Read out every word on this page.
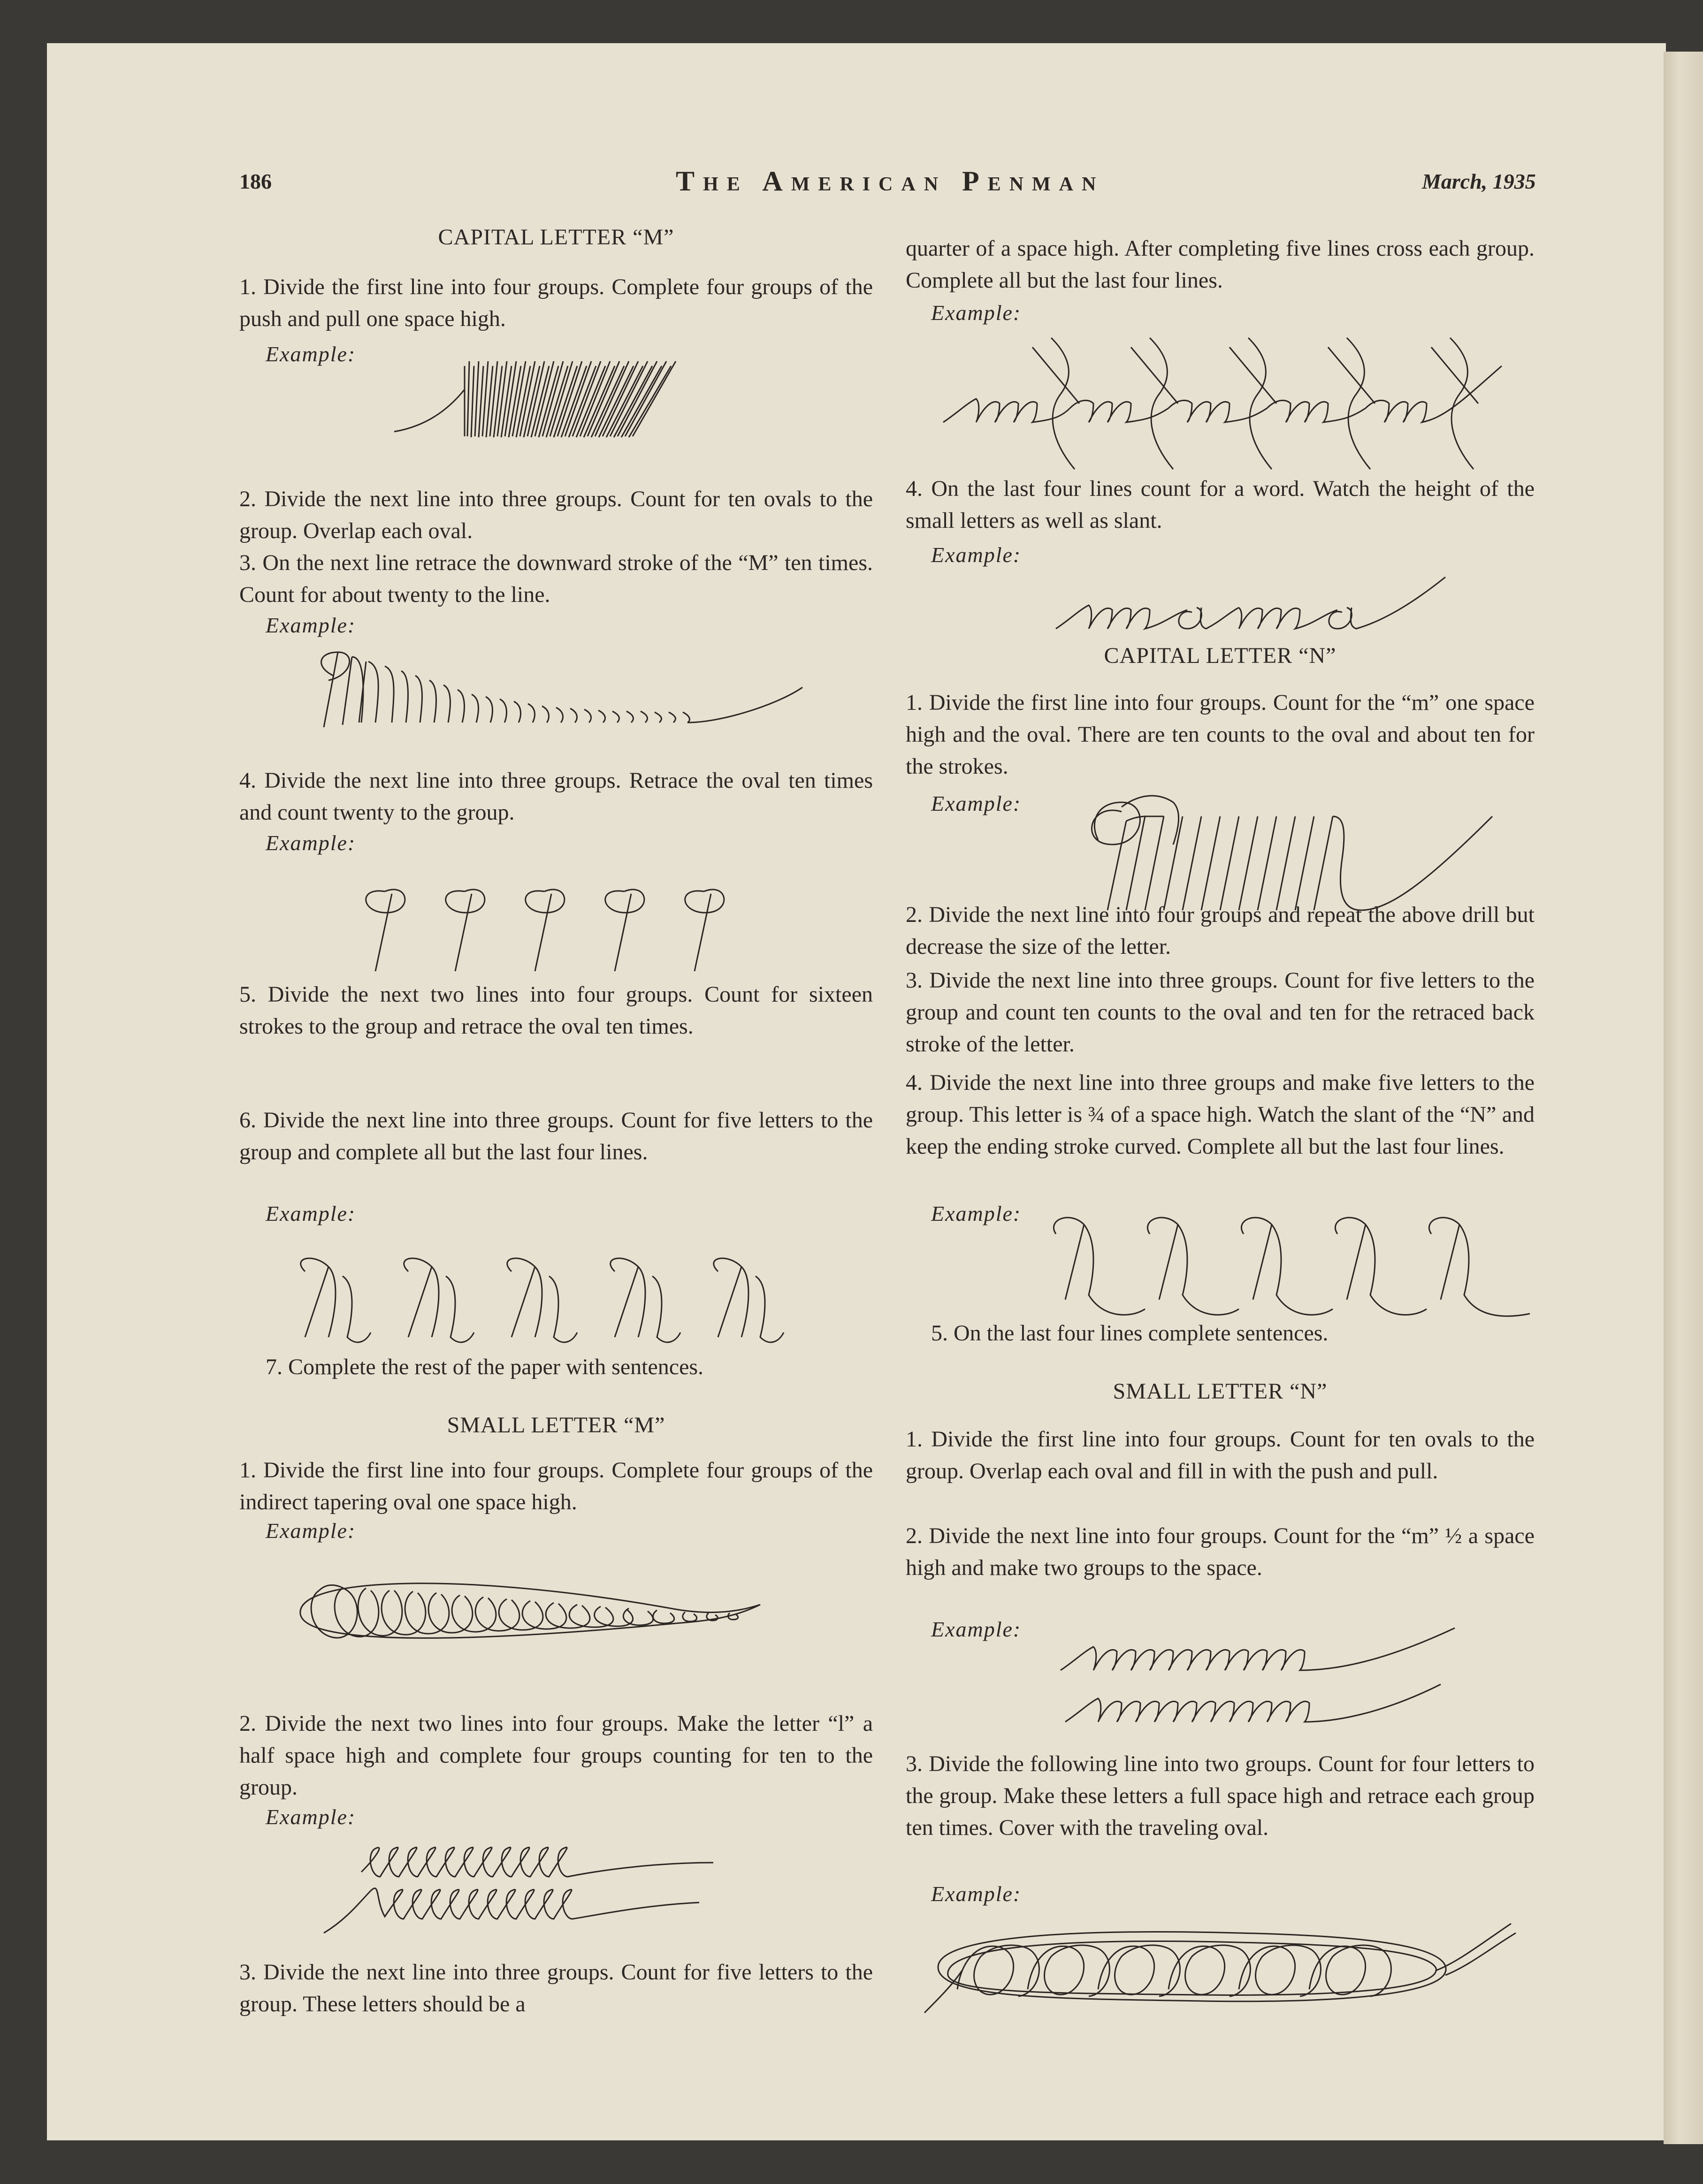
186	The American Penman	March, 1935
CAPITAL LETTER “M”
1. Divide the first line into four groups. Complete four groups of the push and pull one space high.
Example:
2. Divide the next line into three groups. Count for ten ovals to the group. Overlap each oval.
3. On the next line retrace the downward stroke of the “M” ten times. Count for about twenty to the line.
Example:
4. Divide the next line into three groups. Retrace the oval ten times and count twenty to the group.
Example:
5. Divide the next two lines into four groups. Count for sixteen strokes to the group and retrace the oval ten times.
6. Divide the next line into three groups. Count for five letters to the group and complete all but the last four lines.
Example:
7. Complete the rest of the paper with sentences.
SMALL LETTER “M”
1. Divide the first line into four groups. Complete four groups of the indirect tapering oval one space high.
Example:
2. Divide the next two lines into four groups. Make the letter “l” a half space high and complete four groups counting for ten to the group.
Example:
3. Divide the next line into three groups. Count for five letters to the group. These letters should be a
quarter of a space high. After completing five lines cross each group. Complete all but the last four lines.
Example:
4. On the last four lines count for a word. Watch the height of the small letters as well as slant.
Example:
CAPITAL LETTER “N”
1. Divide the first line into four groups. Count for the “m” one space high and the oval. There are ten counts to the oval and about ten for the strokes.
Example:
2. Divide the next line into four groups and repeat the above drill but decrease the size of the letter.
3. Divide the next line into three groups. Count for five letters to the group and count ten counts to the oval and ten for the retraced back stroke of the letter.
4. Divide the next line into three groups and make five letters to the group. This letter is ¾ of a space high. Watch the slant of the “N” and keep the ending stroke curved. Complete all but the last four lines.
Example:
5. On the last four lines complete sentences.
SMALL LETTER “N”
1. Divide the first line into four groups. Count for ten ovals to the group. Overlap each oval and fill in with the push and pull.
2. Divide the next line into four groups. Count for the “m” ½ a space high and make two groups to the space.
Example:
3. Divide the following line into two groups. Count for four letters to the group. Make these letters a full space high and retrace each group ten times. Cover with the traveling oval.
Example:
